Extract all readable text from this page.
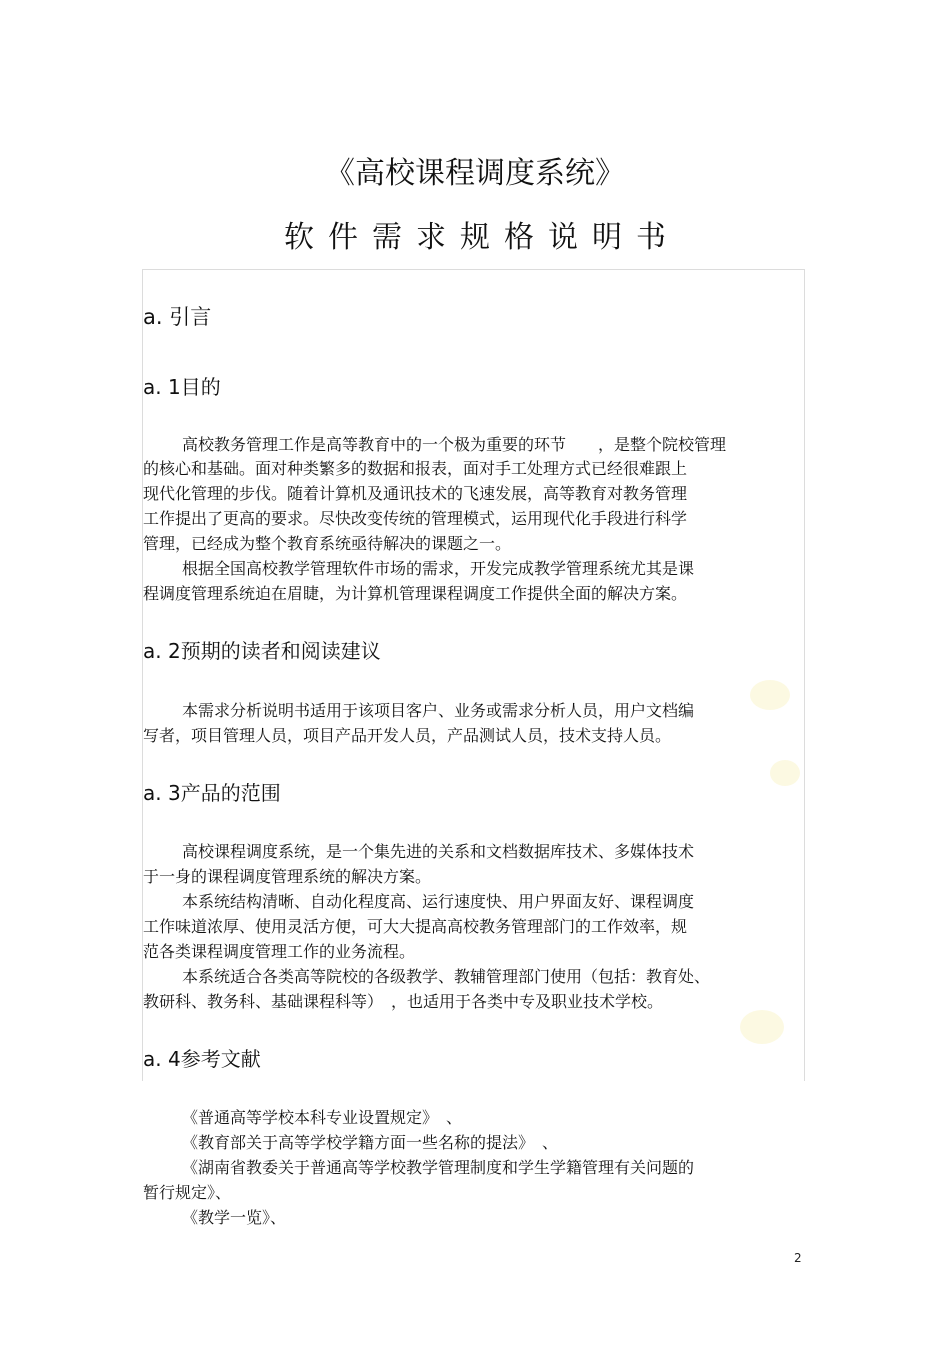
《高校课程调度系统》
软件需求规格说明书
a. 引言
a. 1目的

高校教务管理工作是高等教育中的一个极为重要的环节　　，是整个院校管理

的核心和基础。面对种类繁多的数据和报表，面对手工处理方式已经很难跟上

现代化管理的步伐。随着计算机及通讯技术的飞速发展，高等教育对教务管理

工作提出了更高的要求。尽快改变传统的管理模式，运用现代化手段进行科学

管理，已经成为整个教育系统亟待解决的课题之一。

根据全国高校教学管理软件市场的需求，开发完成教学管理系统尤其是课

程调度管理系统迫在眉睫，为计算机管理课程调度工作提供全面的解决方案。

a. 2预期的读者和阅读建议

本需求分析说明书适用于该项目客户、业务或需求分析人员，用户文档编

写者，项目管理人员，项目产品开发人员，产品测试人员，技术支持人员。

a. 3产品的范围

高校课程调度系统，是一个集先进的关系和文档数据库技术、多媒体技术

于一身的课程调度管理系统的解决方案。

本系统结构清晰、自动化程度高、运行速度快、用户界面友好、课程调度

工作味道浓厚、使用灵活方便，可大大提高高校教务管理部门的工作效率，规

范各类课程调度管理工作的业务流程。

本系统适合各类高等院校的各级教学、教辅管理部门使用（包括：教育处、

教研科、教务科、基础课程科等）　，也适用于各类中专及职业技术学校。

a. 4参考文献

《普通高等学校本科专业设置规定》　、

《教育部关于高等学校学籍方面一些名称的提法》　、

《湖南省教委关于普通高等学校教学管理制度和学生学籍管理有关问题的

暂行规定》、

《教学一览》、

2
